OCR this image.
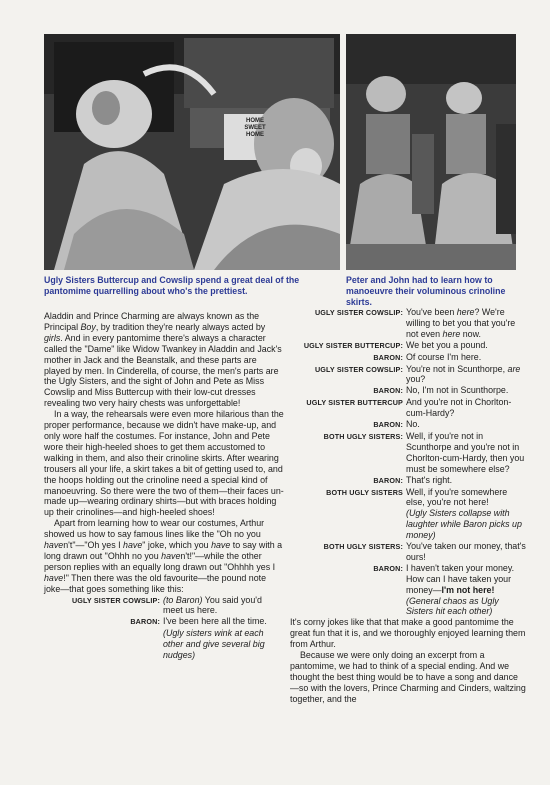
HOME
SWEET
HOME
Ugly Sisters Buttercup and Cowslip spend a great deal of the pantomime quarrelling about who's the prettiest.
Peter and John had to learn how to manoeuvre their voluminous crinoline skirts.

Aladdin and Prince Charming are always known as the Principal Boy, by tradition they're nearly always acted by girls. And in every pantomime there's always a character called the "Dame" like Widow Twankey in Aladdin and Jack's mother in Jack and the Beanstalk, and these parts are played by men. In Cinderella, of course, the men's parts are the Ugly Sisters, and the sight of John and Pete as Miss Cowslip and Miss Buttercup with their low-cut dresses revealing two very hairy chests was unforgettable!

In a way, the rehearsals were even more hilarious than the proper performance, because we didn't have make-up, and only wore half the costumes. For instance, John and Pete wore their high-heeled shoes to get them accustomed to walking in them, and also their crinoline skirts. After wearing trousers all your life, a skirt takes a bit of getting used to, and the hoops holding out the crinoline need a special kind of manoeuvring. So there were the two of them—their faces un-made up—wearing ordinary shirts—but with braces holding up their crinolines—and high-heeled shoes!

Apart from learning how to wear our costumes, Arthur showed us how to say famous lines like the "Oh no you haven't"—"Oh yes I have" joke, which you have to say with a long drawn out "Ohhh no you haven't!"—while the other person replies with an equally long drawn out "Ohhhh yes I have!" Then there was the old favourite—the pound note joke—that goes something like this:

UGLY SISTER COWSLIP: (to Baron) You said you'd meet us here.
BARON: I've been here all the time.
(Ugly sisters wink at each other and give several big nudges)
UGLY SISTER COWSLIP: You've been here? We're willing to bet you that you're not even here now.
UGLY SISTER BUTTERCUP: We bet you a pound.
BARON: Of course I'm here.
UGLY SISTER COWSLIP: You're not in Scunthorpe, are you?
BARON: No, I'm not in Scunthorpe.
UGLY SISTER BUTTERCUP And you're not in Chorlton-cum-Hardy?
BARON: No.
BOTH UGLY SISTERS: Well, if you're not in Scunthorpe and you're not in Chorlton-cum-Hardy, then you must be somewhere else?
BARON: That's right.
BOTH UGLY SISTERS Well, if you're somewhere else, you're not here!
(Ugly Sisters collapse with laughter while Baron picks up money)
BOTH UGLY SISTERS: You've taken our money, that's ours!
BARON: I haven't taken your money. How can I have taken your money—I'm not here!
(General chaos as Ugly Sisters hit each other)

It's corny jokes like that that make a good pantomime the great fun that it is, and we thoroughly enjoyed learning them from Arthur.

Because we were only doing an excerpt from a pantomime, we had to think of a special ending. And we thought the best thing would be to have a song and dance—so with the lovers, Prince Charming and Cinders, waltzing together, and the
